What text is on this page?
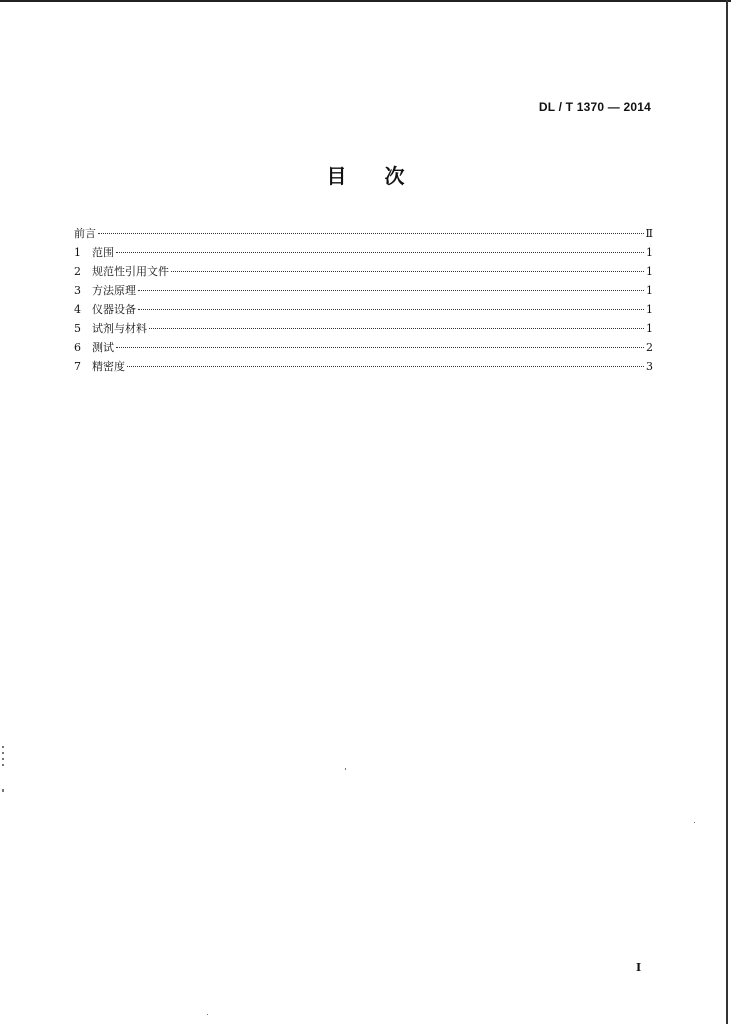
DL / T 1370 — 2014
目次
前言	Ⅱ
1	范围	1
2	规范性引用文件	1
3	方法原理	1
4	仪器设备	1
5	试剂与材料	1
6	测试	2
7	精密度	3
I
